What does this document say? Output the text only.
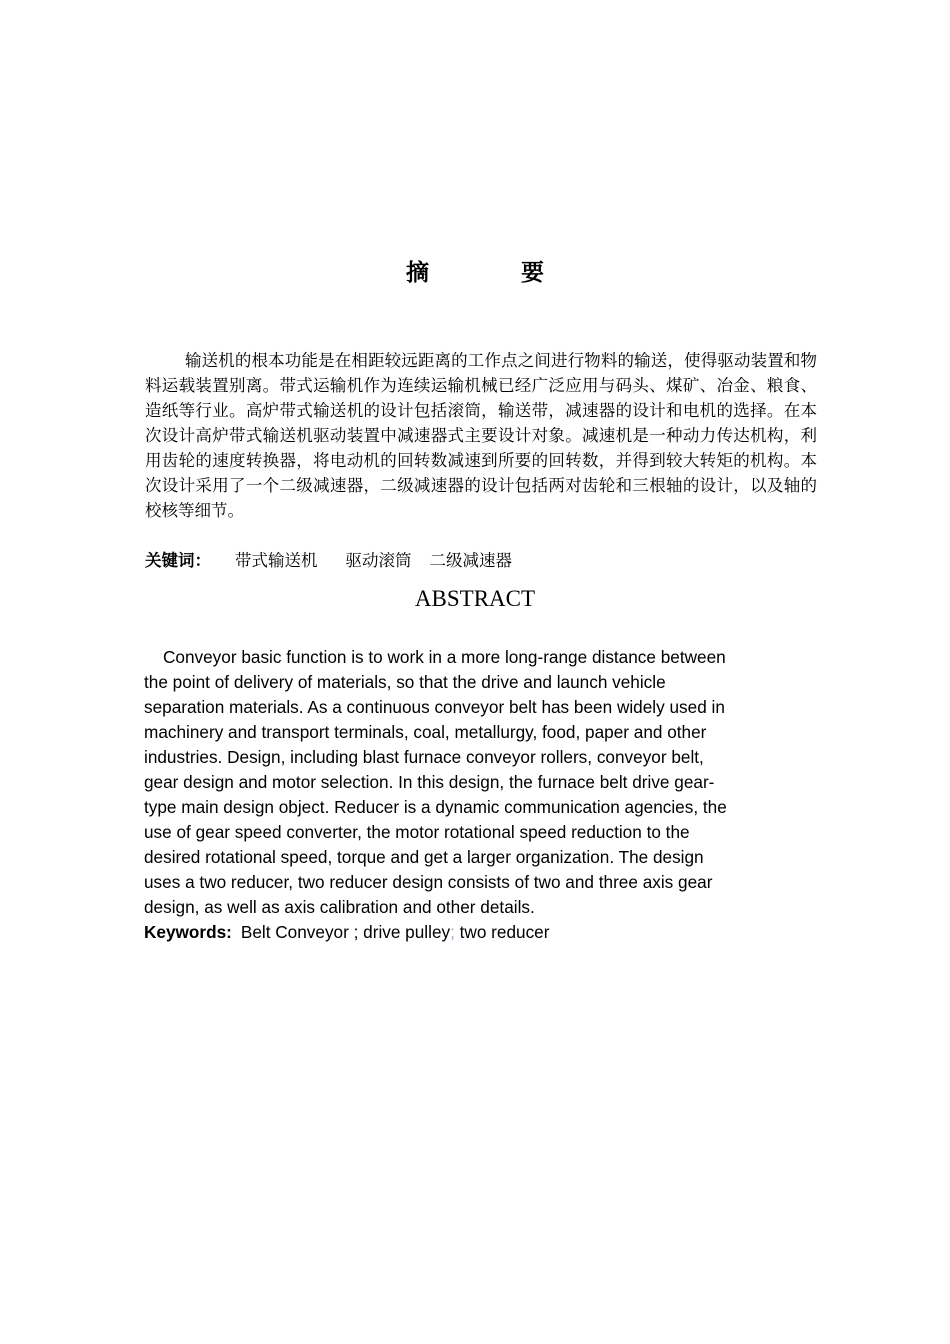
摘	要

输送机的根本功能是在相距较远距离的工作点之间进行物料的输送，使得驱动装置和物料运载装置别离。带式运输机作为连续运输机械已经广泛应用与码头、煤矿、冶金、粮食、造纸等行业。高炉带式输送机的设计包括滚筒，输送带，减速器的设计和电机的选择。在本次设计高炉带式输送机驱动装置中减速器式主要设计对象。减速机是一种动力传达机构，利用齿轮的速度转换器，将电动机的回转数减速到所要的回转数，并得到较大转矩的机构。本次设计采用了一个二级减速器，二级减速器的设计包括两对齿轮和三根轴的设计，以及轴的校核等细节。

关键词： 带式输送机 驱动滚筒 二级减速器
ABSTRACT
Conveyor basic function is to work in a more long-range distance between
the point of delivery of materials, so that the drive and launch vehicle
separation materials. As a continuous conveyor belt has been widely used in
machinery and transport terminals, coal, metallurgy, food, paper and other
industries. Design, including blast furnace conveyor rollers, conveyor belt,
gear design and motor selection. In this design, the furnace belt drive gear-
type main design object. Reducer is a dynamic communication agencies, the
use of gear speed converter, the motor rotational speed reduction to the
desired rotational speed, torque and get a larger organization. The design
uses a two reducer, two reducer design consists of two and three axis gear
design, as well as axis calibration and other details.
Keywords: Belt Conveyor ; drive pulley; two reducer
